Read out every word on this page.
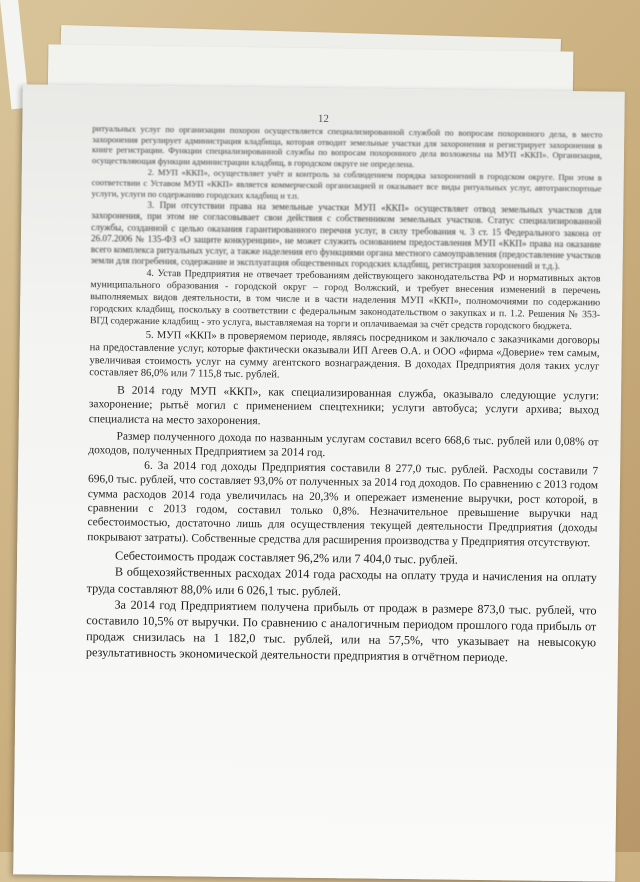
12

ритуальных услуг по организации похорон осуществляется специализированной службой по вопросам похоронного дела, в место захоронения регулирует администрация кладбища, которая отводит земельные участки для захоронения и регистрирует захоронения в книге регистрации. Функции специализированной службы по вопросам похоронного дела возложены на МУП «ККП». Организация, осуществляющая функции администрации кладбищ, в городском округе не определена.

2. МУП «ККП», осуществляет учёт и контроль за соблюдением порядка захоронений в городском округе. При этом в соответствии с Уставом МУП «ККП» является коммерческой организацией и оказывает все виды ритуальных услуг, автотранспортные услуги, услуги по содержанию городских кладбищ и т.п.

3. При отсутствии права на земельные участки МУП «ККП» осуществляет отвод земельных участков для захоронения, при этом не согласовывает свои действия с собственником земельных участков. Статус специализированной службы, созданной с целью оказания гарантированного перечня услуг, в силу требования ч. 3 ст. 15 Федерального закона от 26.07.2006 № 135-ФЗ «О защите конкуренции», не может служить основанием предоставления МУП «ККП» права на оказание всего комплекса ритуальных услуг, а также наделения его функциями органа местного самоуправления (предоставление участков земли для погребения, содержание и эксплуатация общественных городских кладбищ, регистрация захоронений и т.д.).

4. Устав Предприятия не отвечает требованиям действующего законодательства РФ и нормативных актов муниципального образования - городской округ – город Волжский, и требует внесения изменений в перечень выполняемых видов деятельности, в том числе и в части наделения МУП «ККП», полномочиями по содержанию городских кладбищ, поскольку в соответствии с федеральным законодательством о закупках и п. 1.2. Решения № 353-ВГД содержание кладбищ - это услуга, выставляемая на торги и оплачиваемая за счёт средств городского бюджета.

5. МУП «ККП» в проверяемом периоде, являясь посредником и заключало с заказчиками договоры на предоставление услуг, которые фактически оказывали ИП Агеев О.А. и ООО «фирма «Доверие» тем самым, увеличивая стоимость услуг на сумму агентского вознаграждения. В доходах Предприятия доля таких услуг составляет 86,0% или 7 115,8 тыс. рублей.

В 2014 году МУП «ККП», как специализированная служба, оказывало следующие услуги: захоронение; рытьё могил с применением спецтехники; услуги автобуса; услуги архива; выход специалиста на место захоронения.

Размер полученного дохода по названным услугам составил всего 668,6 тыс. рублей или 0,08% от доходов, полученных Предприятием за 2014 год.

6. За 2014 год доходы Предприятия составили 8 277,0 тыс. рублей. Расходы составили 7 696,0 тыс. рублей, что составляет 93,0% от полученных за 2014 год доходов. По сравнению с 2013 годом сумма расходов 2014 года увеличилась на 20,3% и опережает изменение выручки, рост которой, в сравнении с 2013 годом, составил только 0,8%. Незначительное превышение выручки над себестоимостью, достаточно лишь для осуществления текущей деятельности Предприятия (доходы покрывают затраты). Собственные средства для расширения производства у Предприятия отсутствуют.

Себестоимость продаж составляет 96,2% или 7 404,0 тыс. рублей.

В общехозяйственных расходах 2014 года расходы на оплату труда и начисления на оплату труда составляют 88,0% или 6 026,1 тыс. рублей.

За 2014 год Предприятием получена прибыль от продаж в размере 873,0 тыс. рублей, что составило 10,5% от выручки. По сравнению с аналогичным периодом прошлого года прибыль от продаж снизилась на 1 182,0 тыс. рублей, или на 57,5%, что указывает на невысокую результативность экономической деятельности предприятия в отчётном периоде.
